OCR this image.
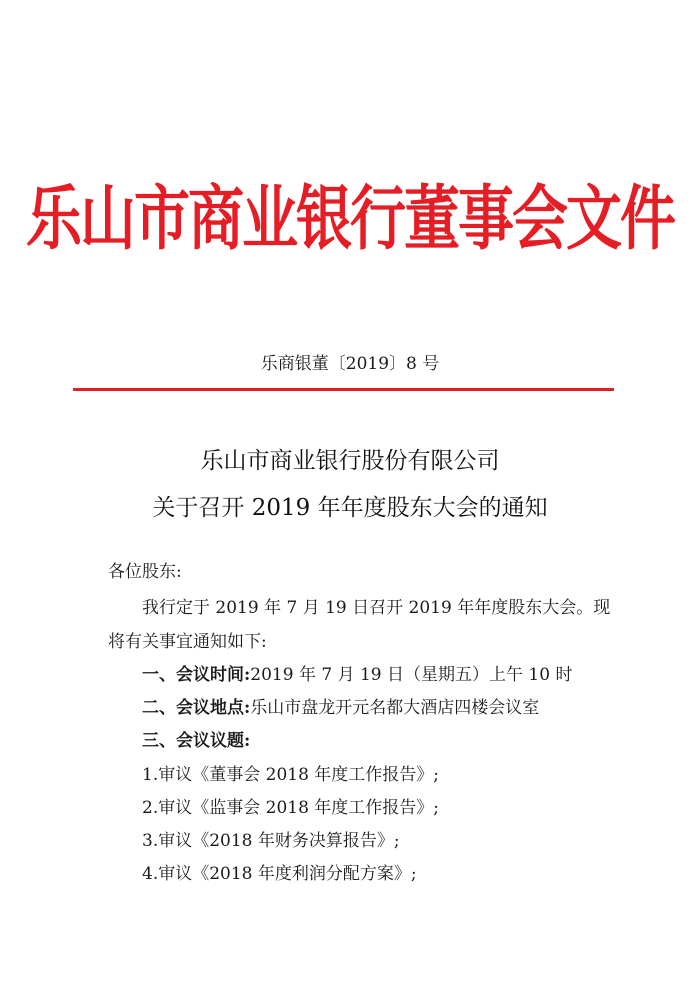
乐山市商业银行董事会文件
乐商银董〔2019〕8 号
乐山市商业银行股份有限公司
关于召开 2019 年年度股东大会的通知
各位股东:
我行定于 2019 年 7 月 19 日召开 2019 年年度股东大会。现
将有关事宜通知如下:
一、会议时间:2019 年 7 月 19 日（星期五）上午 10 时
二、会议地点:乐山市盘龙开元名都大酒店四楼会议室
三、会议议题:
1.审议《董事会 2018 年度工作报告》;
2.审议《监事会 2018 年度工作报告》;
3.审议《2018 年财务决算报告》;
4.审议《2018 年度利润分配方案》;
